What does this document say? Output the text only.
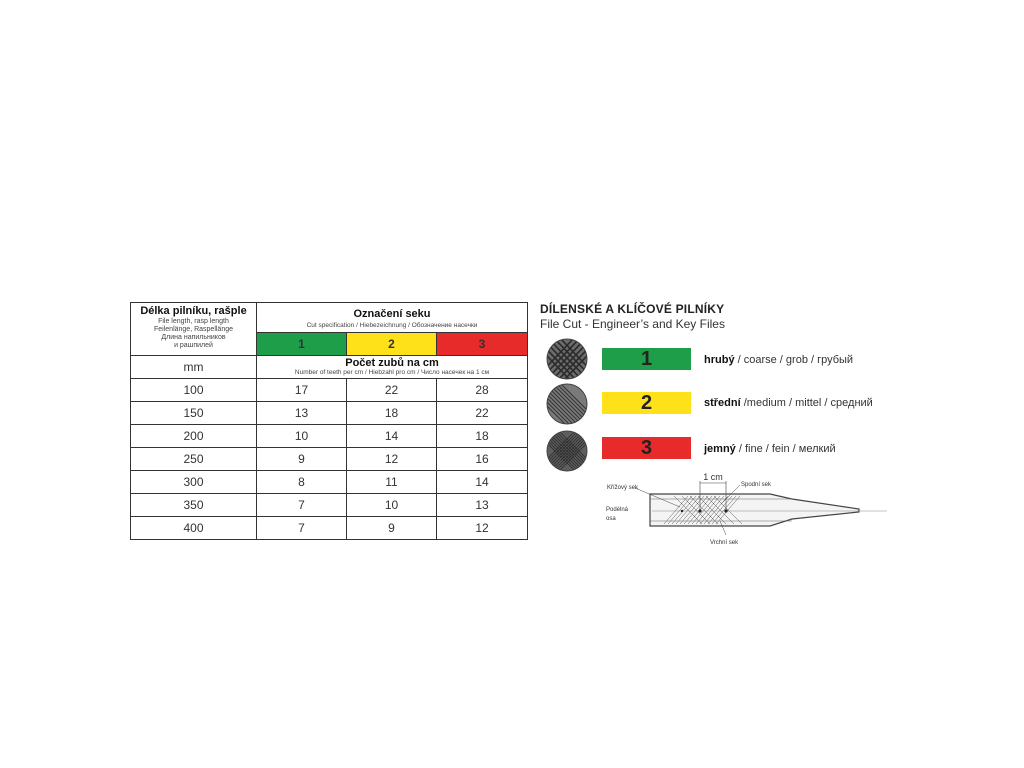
Délka pilníku, rašple
File length, rasp length
Feilenlänge, Raspellänge
Длина напильников
и рашпилей	Označení seku
Cut specification / Hiebezeichnung / Обозначение насечки		

	1	2	3
mm	Počet zubů na cm
Number of teeth per cm / Hiebzahl pro cm / Число насечек на 1 см		

100	17	22	28
150	13	18	22
200	10	14	18
250	9	12	16
300	8	11	14
350	7	10	13
400	7	9	12
DÍLENSKÉ A KLÍČOVÉ PILNÍKY
File Cut - Engineer’s and Key Files
1	hrubý / coarse / grob / грубый
2	střední /medium / mittel / средний
3	jemný / fine / fein / мелкий
1 cm
Křížový sek	Spodní sek
Podélná
osa
Vrchní sek
